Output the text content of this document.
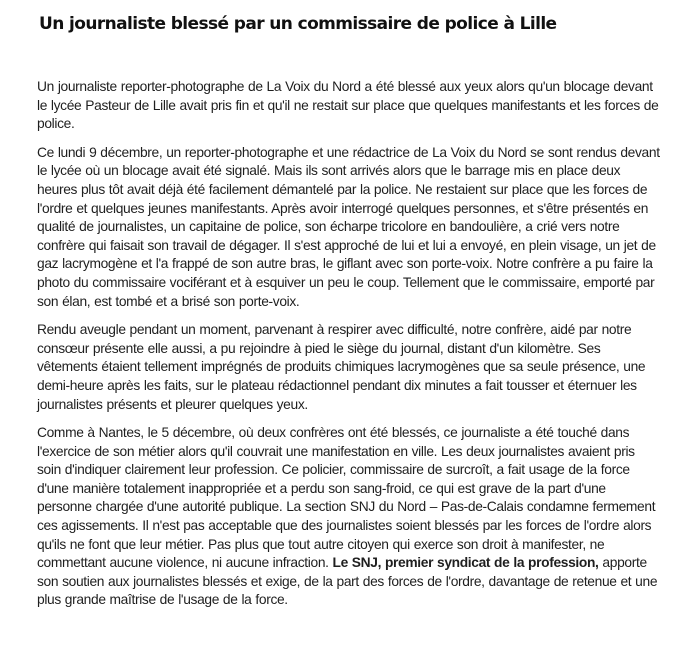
Un journaliste blessé par un commissaire de police à Lille

Un journaliste reporter-photographe de La Voix du Nord a été blessé aux yeux alors qu'un blocage devant le lycée Pasteur de Lille avait pris fin et qu'il ne restait sur place que quelques manifestants et les forces de police.

Ce lundi 9 décembre, un reporter-photographe et une rédactrice de La Voix du Nord se sont rendus devant le lycée où un blocage avait été signalé. Mais ils sont arrivés alors que le barrage mis en place deux heures plus tôt avait déjà été facilement démantelé par la police. Ne restaient sur place que les forces de l'ordre et quelques jeunes manifestants. Après avoir interrogé quelques personnes, et s'être présentés en qualité de journalistes, un capitaine de police, son écharpe tricolore en bandoulière, a crié vers notre confrère qui faisait son travail de dégager. Il s'est approché de lui et lui a envoyé, en plein visage, un jet de gaz lacrymogène et l'a frappé de son autre bras, le giflant avec son porte-voix. Notre confrère a pu faire la photo du commissaire vociférant et à esquiver un peu le coup. Tellement que le commissaire, emporté par son élan, est tombé et a brisé son porte-voix.

Rendu aveugle pendant un moment, parvenant à respirer avec difficulté, notre confrère, aidé par notre consœur présente elle aussi, a pu rejoindre à pied le siège du journal, distant d'un kilomètre. Ses vêtements étaient tellement imprégnés de produits chimiques lacrymogènes que sa seule présence, une demi-heure après les faits, sur le plateau rédactionnel pendant dix minutes a fait tousser et éternuer les journalistes présents et pleurer quelques yeux.

Comme à Nantes, le 5 décembre, où deux confrères ont été blessés, ce journaliste a été touché dans l'exercice de son métier alors qu'il couvrait une manifestation en ville. Les deux journalistes avaient pris soin d'indiquer clairement leur profession. Ce policier, commissaire de surcroît, a fait usage de la force d'une manière totalement inappropriée et a perdu son sang-froid, ce qui est grave de la part d'une personne chargée d'une autorité publique. La section SNJ du Nord – Pas-de-Calais condamne fermement ces agissements. Il n'est pas acceptable que des journalistes soient blessés par les forces de l'ordre alors qu'ils ne font que leur métier. Pas plus que tout autre citoyen qui exerce son droit à manifester, ne commettant aucune violence, ni aucune infraction. Le SNJ, premier syndicat de la profession, apporte son soutien aux journalistes blessés et exige, de la part des forces de l'ordre, davantage de retenue et une plus grande maîtrise de l'usage de la force.
